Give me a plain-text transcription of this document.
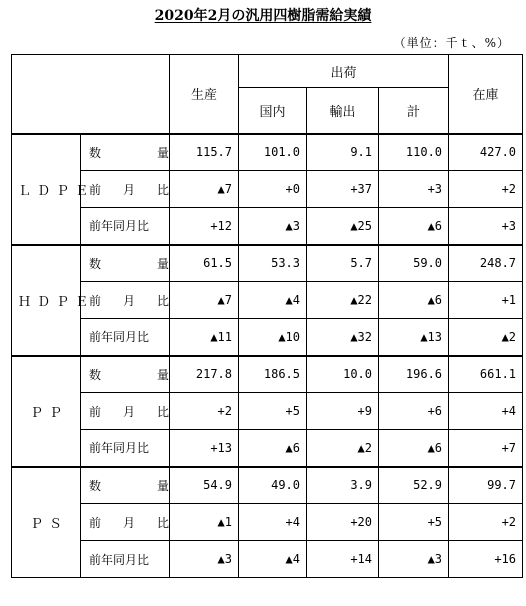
2020年2月の汎用四樹脂需給実績
（単位：千ｔ、%）
		生産	出荷			在庫
			国内	輸出	計	
ＬＤＰＥ	数　　量	115.7	101.0	9.1	110.0	427.0
	前　月　比	▲7	+0	+37	+3	+2
	前年同月比	+12	▲3	▲25	▲6	+3
ＨＤＰＥ	数　　量	61.5	53.3	5.7	59.0	248.7
	前　月　比	▲7	▲4	▲22	▲6	+1
	前年同月比	▲11	▲10	▲32	▲13	▲2
ＰＰ	数　　量	217.8	186.5	10.0	196.6	661.1
	前　月　比	+2	+5	+9	+6	+4
	前年同月比	+13	▲6	▲2	▲6	+7
ＰＳ	数　　量	54.9	49.0	3.9	52.9	99.7
	前　月　比	▲1	+4	+20	+5	+2
	前年同月比	▲3	▲4	+14	▲3	+16
